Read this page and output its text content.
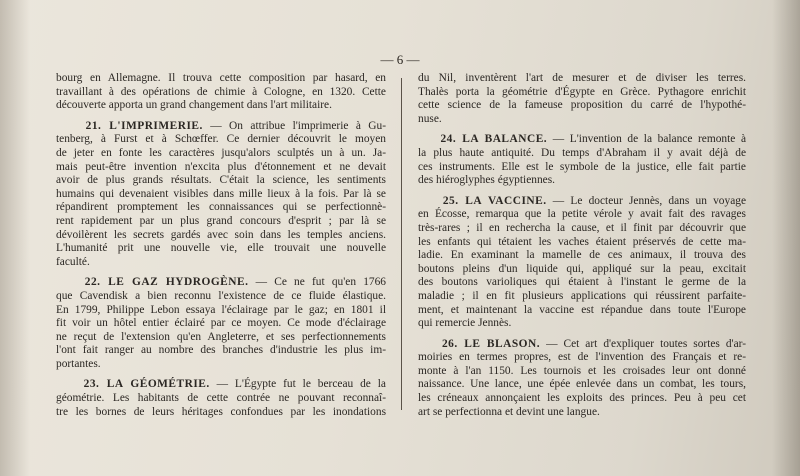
— 6 —
bourg en Allemagne. Il trouva cette composition par hasard, en
travaillant à des opérations de chimie à Cologne, en 1320. Cette
découverte apporta un grand changement dans l'art militaire.
21. L'IMPRIMERIE. — On attribue l'imprimerie à Gu-
tenberg, à Furst et à Schœffer. Ce dernier découvrit le moyen
de jeter en fonte les caractères jusqu'alors sculptés un à un. Ja-
mais peut-être invention n'excita plus d'étonnement et ne devait
avoir de plus grands résultats. C'était la science, les sentiments
humains qui devenaient visibles dans mille lieux à la fois. Par là se
répandirent promptement les connaissances qui se perfectionnè-
rent rapidement par un plus grand concours d'esprit ; par là se
dévoilèrent les secrets gardés avec soin dans les temples anciens.
L'humanité prit une nouvelle vie, elle trouvait une nouvelle
faculté.
22. LE GAZ HYDROGÈNE. — Ce ne fut qu'en 1766
que Cavendisk a bien reconnu l'existence de ce fluide élastique.
En 1799, Philippe Lebon essaya l'éclairage par le gaz; en 1801 il
fit voir un hôtel entier éclairé par ce moyen. Ce mode d'éclairage
ne reçut de l'extension qu'en Angleterre, et ses perfectionnements
l'ont fait ranger au nombre des branches d'industrie les plus im-
portantes.
23. LA GÉOMÉTRIE. — L'Égypte fut le berceau de la
géométrie. Les habitants de cette contrée ne pouvant reconnaî-
tre les bornes de leurs héritages confondues par les inondations
du Nil, inventèrent l'art de mesurer et de diviser les terres.
Thalès porta la géométrie d'Égypte en Grèce. Pythagore enrichit
cette science de la fameuse proposition du carré de l'hypothé-
nuse.
24. LA BALANCE. — L'invention de la balance remonte à
la plus haute antiquité. Du temps d'Abraham il y avait déjà de
ces instruments. Elle est le symbole de la justice, elle fait partie
des hiéroglyphes égyptiennes.
25. LA VACCINE. — Le docteur Jennès, dans un voyage
en Écosse, remarqua que la petite vérole y avait fait des ravages
très-rares ; il en rechercha la cause, et il finit par découvrir que
les enfants qui tétaient les vaches étaient préservés de cette ma-
ladie. En examinant la mamelle de ces animaux, il trouva des
boutons pleins d'un liquide qui, appliqué sur la peau, excitait
des boutons varioliques qui étaient à l'instant le germe de la
maladie ; il en fit plusieurs applications qui réussirent parfaite-
ment, et maintenant la vaccine est répandue dans toute l'Europe
qui remercie Jennès.
26. LE BLASON. — Cet art d'expliquer toutes sortes d'ar-
moiries en termes propres, est de l'invention des Français et re-
monte à l'an 1150. Les tournois et les croisades leur ont donné
naissance. Une lance, une épée enlevée dans un combat, les tours,
les créneaux annonçaient les exploits des princes. Peu à peu cet
art se perfectionna et devint une langue.
